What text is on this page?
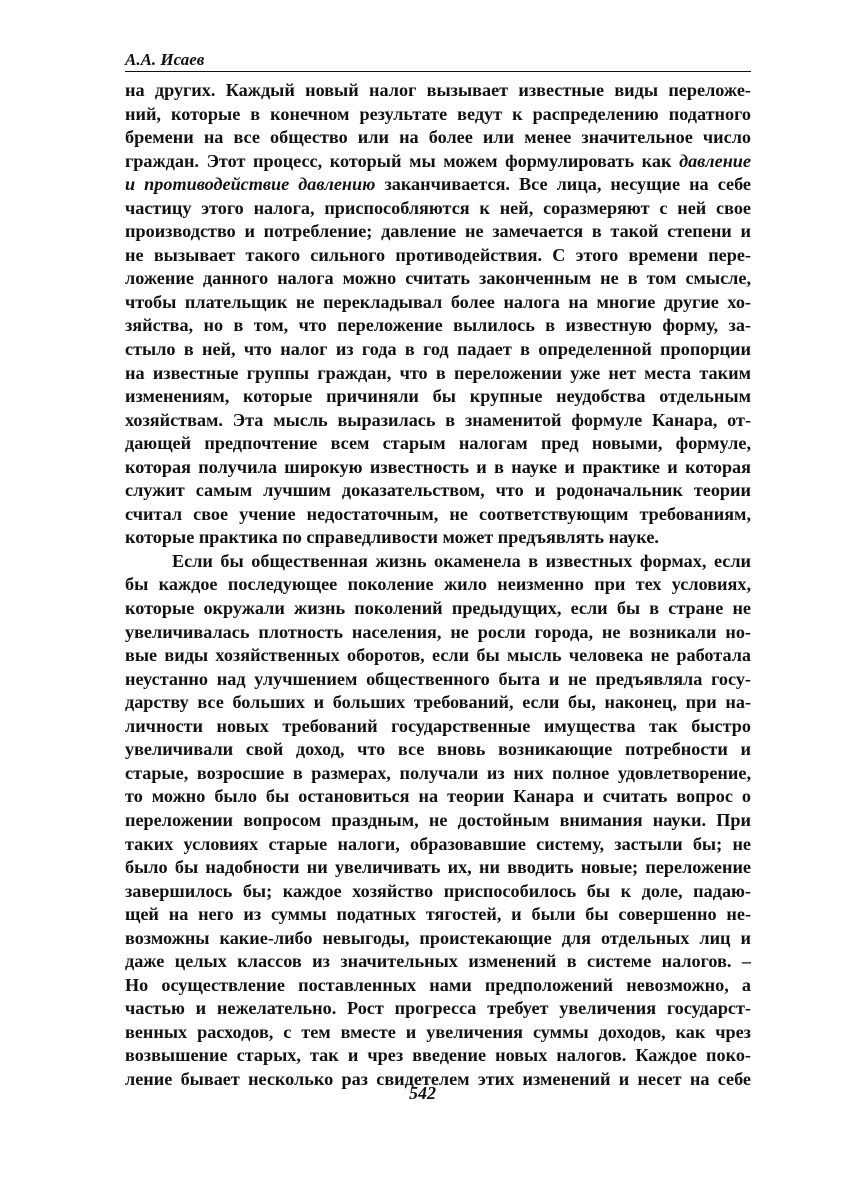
А.А. Исаев

на других. Каждый новый налог вызывает известные виды переложе-
ний, которые в конечном результате ведут к распределению податного
бремени на все общество или на более или менее значительное число
граждан. Этот процесс, который мы можем формулировать как давление
и противодействие давлению заканчивается. Все лица, несущие на себе
частицу этого налога, приспособляются к ней, соразмеряют с ней свое
производство и потребление; давление не замечается в такой степени и
не вызывает такого сильного противодействия. С этого времени пере-
ложение данного налога можно считать законченным не в том смысле,
чтобы плательщик не перекладывал более налога на многие другие хо-
зяйства, но в том, что переложение вылилось в известную форму, за-
стыло в ней, что налог из года в год падает в определенной пропорции
на известные группы граждан, что в переложении уже нет места таким
изменениям, которые причиняли бы крупные неудобства отдельным
хозяйствам. Эта мысль выразилась в знаменитой формуле Канара, от-
дающей предпочтение всем старым налогам пред новыми, формуле,
которая получила широкую известность и в науке и практике и которая
служит самым лучшим доказательством, что и родоначальник теории
считал свое учение недостаточным, не соответствующим требованиям,
которые практика по справедливости может предъявлять науке.

Если бы общественная жизнь окаменела в известных формах, если
бы каждое последующее поколение жило неизменно при тех условиях,
которые окружали жизнь поколений предыдущих, если бы в стране не
увеличивалась плотность населения, не росли города, не возникали но-
вые виды хозяйственных оборотов, если бы мысль человека не работала
неустанно над улучшением общественного быта и не предъявляла госу-
дарству все больших и больших требований, если бы, наконец, при на-
личности новых требований государственные имущества так быстро
увеличивали свой доход, что все вновь возникающие потребности и
старые, возросшие в размерах, получали из них полное удовлетворение,
то можно было бы остановиться на теории Канара и считать вопрос о
переложении вопросом праздным, не достойным внимания науки. При
таких условиях старые налоги, образовавшие систему, застыли бы; не
было бы надобности ни увеличивать их, ни вводить новые; переложение
завершилось бы; каждое хозяйство приспособилось бы к доле, падаю-
щей на него из суммы податных тягостей, и были бы совершенно не-
возможны какие-либо невыгоды, проистекающие для отдельных лиц и
даже целых классов из значительных изменений в системе налогов. –
Но осуществление поставленных нами предположений невозможно, а
частью и нежелательно. Рост прогресса требует увеличения государст-
венных расходов, с тем вместе и увеличения суммы доходов, как чрез
возвышение старых, так и чрез введение новых налогов. Каждое поко-
ление бывает несколько раз свидетелем этих изменений и несет на себе

542
